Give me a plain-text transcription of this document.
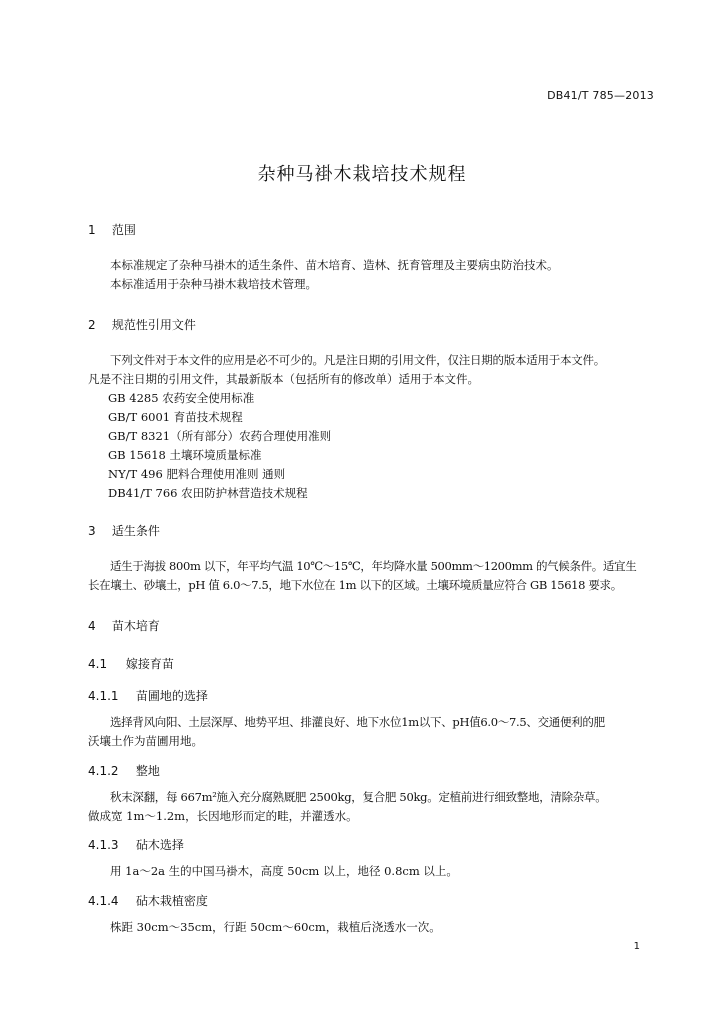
DB41/T 785—2013
杂种马褂木栽培技术规程
1 范围
本标准规定了杂种马褂木的适生条件、苗木培育、造林、抚育管理及主要病虫防治技术。
本标准适用于杂种马褂木栽培技术管理。
2 规范性引用文件
下列文件对于本文件的应用是必不可少的。凡是注日期的引用文件，仅注日期的版本适用于本文件。
凡是不注日期的引用文件，其最新版本（包括所有的修改单）适用于本文件。
GB 4285 农药安全使用标准
GB/T 6001 育苗技术规程
GB/T 8321（所有部分）农药合理使用准则
GB 15618 土壤环境质量标准
NY/T 496 肥料合理使用准则 通则
DB41/T 766 农田防护林营造技术规程
3 适生条件
适生于海拔 800m 以下，年平均气温 10℃～15℃，年均降水量 500mm～1200mm 的气候条件。适宜生
长在壤土、砂壤土，pH 值 6.0～7.5，地下水位在 1m 以下的区域。土壤环境质量应符合 GB 15618 要求。
4 苗木培育
4.1 嫁接育苗
4.1.1 苗圃地的选择
选择背风向阳、土层深厚、地势平坦、排灌良好、地下水位1m以下、pH值6.0～7.5、交通便利的肥
沃壤土作为苗圃用地。
4.1.2 整地
秋末深翻，每 667m²施入充分腐熟厩肥 2500kg，复合肥 50kg。定植前进行细致整地，清除杂草。
做成宽 1m～1.2m，长因地形而定的畦，并灌透水。
4.1.3 砧木选择
用 1a～2a 生的中国马褂木，高度 50cm 以上，地径 0.8cm 以上。
4.1.4 砧木栽植密度
株距 30cm～35cm，行距 50cm～60cm，栽植后浇透水一次。
1
